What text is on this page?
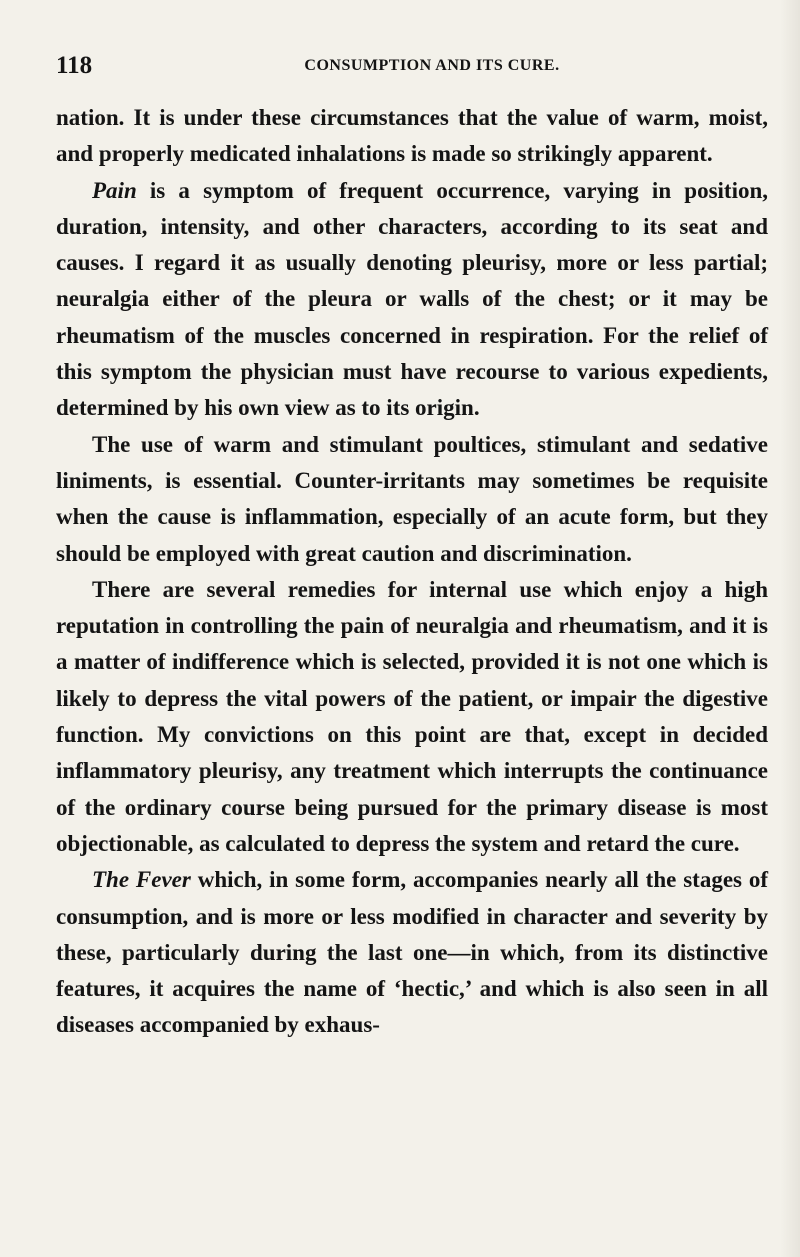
118	CONSUMPTION AND ITS CURE.

nation. It is under these circumstances that the value of warm, moist, and properly medicated inhalations is made so strikingly apparent.

Pain is a symptom of frequent occurrence, varying in position, duration, intensity, and other characters, according to its seat and causes. I regard it as usually denoting pleurisy, more or less partial; neuralgia either of the pleura or walls of the chest; or it may be rheumatism of the muscles concerned in respiration. For the relief of this symptom the physician must have recourse to various expedients, determined by his own view as to its origin.

The use of warm and stimulant poultices, stimulant and sedative liniments, is essential. Counter-irritants may sometimes be requisite when the cause is inflammation, especially of an acute form, but they should be employed with great caution and discrimination.

There are several remedies for internal use which enjoy a high reputation in controlling the pain of neuralgia and rheumatism, and it is a matter of indifference which is selected, provided it is not one which is likely to depress the vital powers of the patient, or impair the digestive function. My convictions on this point are that, except in decided inflammatory pleurisy, any treatment which interrupts the continuance of the ordinary course being pursued for the primary disease is most objectionable, as calculated to depress the system and retard the cure.

The Fever which, in some form, accompanies nearly all the stages of consumption, and is more or less modified in character and severity by these, particularly during the last one—in which, from its distinctive features, it acquires the name of ‘hectic,’ and which is also seen in all diseases accompanied by exhaus-
